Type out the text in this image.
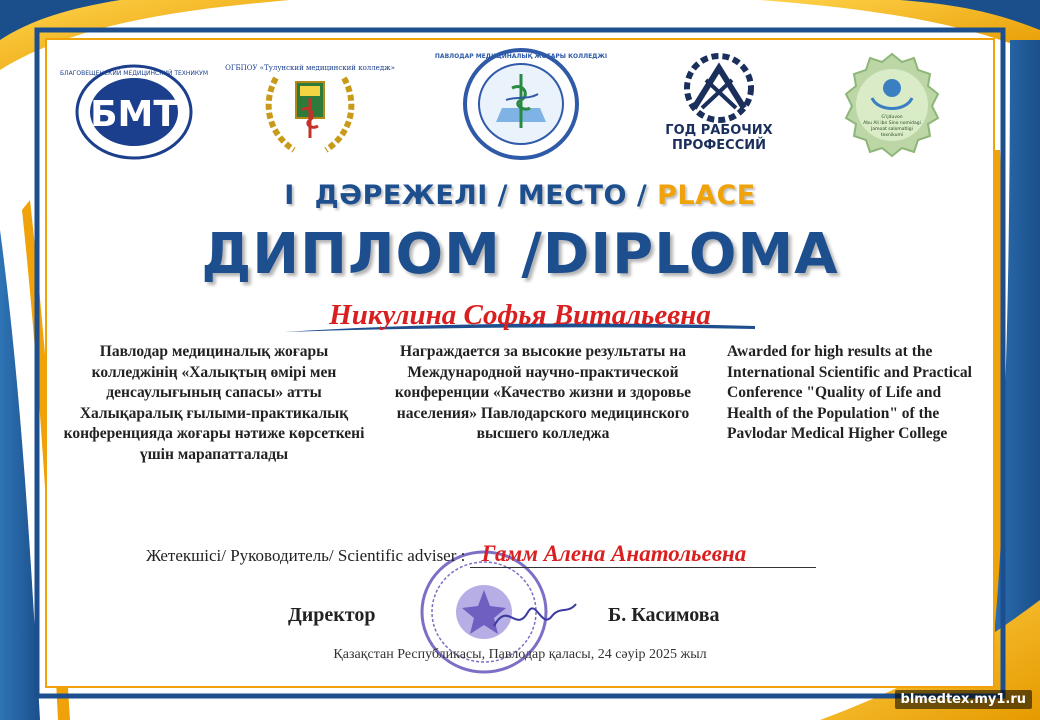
БМТ
БЛАГОВЕЩЕНСКИЙ МЕДИЦИНСКИЙ ТЕХНИКУМ
ОГБПОУ «Тулунский медицинский колледж»
ПАВЛОДАР МЕДИЦИНАЛЫҚ ЖОҒАРЫ КОЛЛЕДЖІ
ГОД РАБОЧИХ
ПРОФЕССИЙ
G'ijduvon
Abu Ali ibn Sino nomidagi
Jamoat salomatligi
texnikumi
I ДӘРЕЖЕЛІ / МЕСТО / PLACE
ДИПЛОМ /DIPLOMA
Никулина Софья Витальевна
Павлодар медициналық жоғары колледжінің «Халықтың өмірі мен денсаулығының сапасы» атты Халықаралық ғылыми-практикалық конференцияда жоғары нәтиже көрсеткені үшін марапатталады
Награждается за высокие результаты на Международной научно-практической конференции «Качество жизни и здоровье населения» Павлодарского медицинского высшего колледжа
Awarded for high results at the International Scientific and Practical Conference "Quality of Life and Health of the Population" of the Pavlodar Medical Higher College
Жетекшісі/ Руководитель/ Scientific adviser : Гамм Алена Анатольевна
Директор	Б. Касимова
Қазақстан Республикасы, Павлодар қаласы, 24 сәуір 2025 жыл
blmedtex.my1.ru
